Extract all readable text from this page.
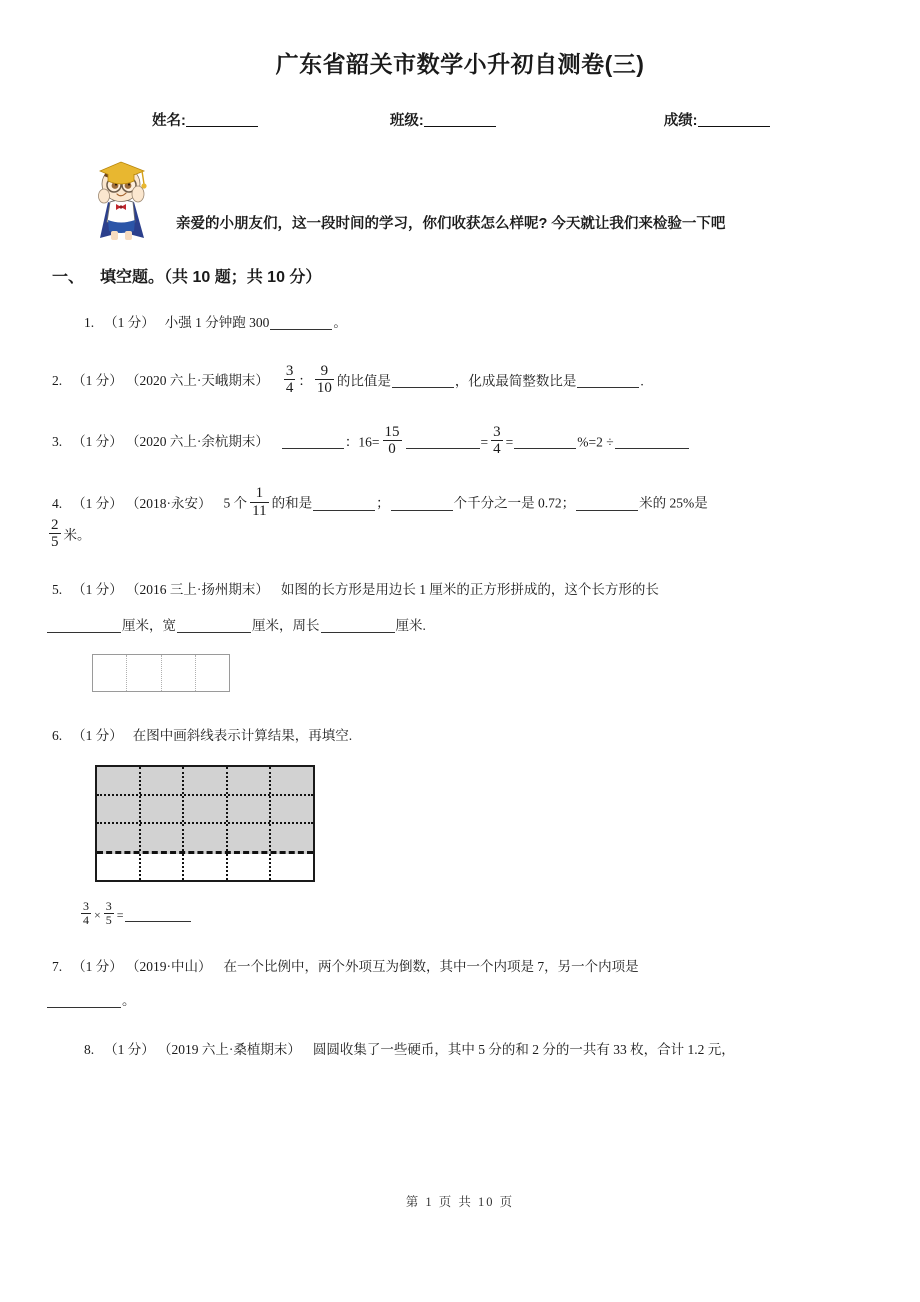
广东省韶关市数学小升初自测卷(三)
姓名:	班级:	成绩:
亲爱的小朋友们，这一段时间的学习，你们收获怎么样呢? 今天就让我们来检验一下吧
一、 填空题。（共 10 题；共 10 分）
1. （1 分） 小强 1 分钟跑 300	。
2. （1 分） （2020 六上·天峨期末） $\frac{3}{4}$ ： $\frac{9}{10}$ 的比值是	，化成最简整数比是	.
3. （1 分） （2020 六上·余杭期末）	：$16= \frac{15}{0}$	= $\frac{3}{4}$ =	%=2 ÷
4. （1 分） （2018·永安） 5 个 $\frac{1}{11}$ 的和是	；	个千分之一是 0.72；	米的 25%是
$\frac{2}{5}$ 米。
5. （1 分） （2016 三上·扬州期末） 如图的长方形是用边长 1 厘米的正方形拼成的，这个长方形的长
厘米，宽	厘米，周长	厘米.
6. （1 分） 在图中画斜线表示计算结果，再填空.
$\frac{3}{4} \times \frac{3}{5}$ =
7. （1 分） （2019·中山） 在一个比例中，两个外项互为倒数，其中一个内项是 7，另一个内项是
。
8. （1 分） （2019 六上·桑植期末） 圆圆收集了一些硬币，其中 5 分的和 2 分的一共有 33 枚，合计 1.2 元，
第 1 页 共 10 页
